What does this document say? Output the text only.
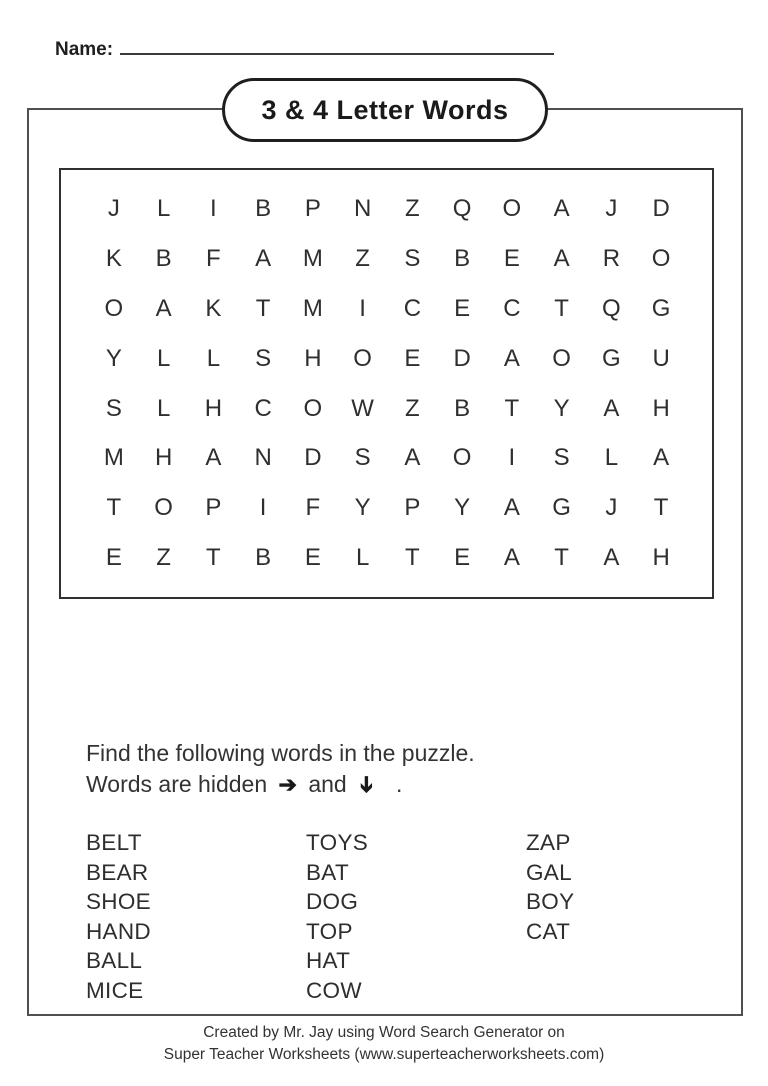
Name:
3 & 4 Letter Words
J	L	I	B	P	N	Z	Q	O	A	J	D
K	B	F	A	M	Z	S	B	E	A	R	O
O	A	K	T	M	I	C	E	C	T	Q	G
Y	L	L	S	H	O	E	D	A	O	G	U
S	L	H	C	O	W	Z	B	T	Y	A	H
M	H	A	N	D	S	A	O	I	S	L	A
T	O	P	I	F	Y	P	Y	A	G	J	T
E	Z	T	B	E	L	T	E	A	T	A	H
Find the following words in the puzzle.
Words are hidden ➔ and ➔ .
BELT
BEAR
SHOE
HAND
BALL
MICE
TOYS
BAT
DOG
TOP
HAT
COW
ZAP
GAL
BOY
CAT
Created by Mr. Jay using Word Search Generator on
Super Teacher Worksheets (www.superteacherworksheets.com)
